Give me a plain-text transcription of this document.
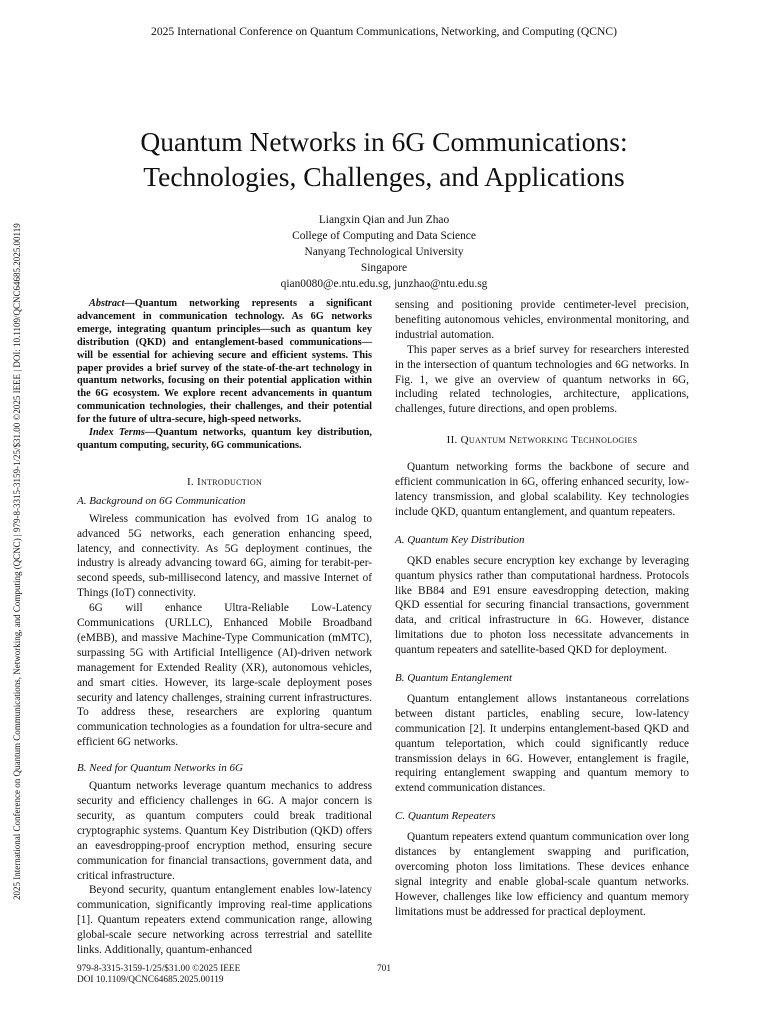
2025 International Conference on Quantum Communications, Networking, and Computing (QCNC)
2025 International Conference on Quantum Communications, Networking, and Computing (QCNC) | 979-8-3315-3159-1/25/$31.00 ©2025 IEEE | DOI: 10.1109/QCNC64685.2025.00119
Quantum Networks in 6G Communications:
Technologies, Challenges, and Applications
Liangxin Qian and Jun Zhao
College of Computing and Data Science
Nanyang Technological University
Singapore
qian0080@e.ntu.edu.sg, junzhao@ntu.edu.sg

Abstract—Quantum networking represents a significant advancement in communication technology. As 6G networks emerge, integrating quantum principles—such as quantum key distribution (QKD) and entanglement-based communications—will be essential for achieving secure and efficient systems. This paper provides a brief survey of the state-of-the-art technology in quantum networks, focusing on their potential application within the 6G ecosystem. We explore recent advancements in quantum communication technologies, their challenges, and their potential for the future of ultra-secure, high-speed networks.

Index Terms—Quantum networks, quantum key distribution, quantum computing, security, 6G communications.

I. Introduction
A. Background on 6G Communication

Wireless communication has evolved from 1G analog to advanced 5G networks, each generation enhancing speed, latency, and connectivity. As 5G deployment continues, the industry is already advancing toward 6G, aiming for terabit-per-second speeds, sub-millisecond latency, and massive Internet of Things (IoT) connectivity.

6G will enhance Ultra-Reliable Low-Latency Communications (URLLC), Enhanced Mobile Broadband (eMBB), and massive Machine-Type Communication (mMTC), surpassing 5G with Artificial Intelligence (AI)-driven network management for Extended Reality (XR), autonomous vehicles, and smart cities. However, its large-scale deployment poses security and latency challenges, straining current infrastructures. To address these, researchers are exploring quantum communication technologies as a foundation for ultra-secure and efficient 6G networks.

B. Need for Quantum Networks in 6G

Quantum networks leverage quantum mechanics to address security and efficiency challenges in 6G. A major concern is security, as quantum computers could break traditional cryptographic systems. Quantum Key Distribution (QKD) offers an eavesdropping-proof encryption method, ensuring secure communication for financial transactions, government data, and critical infrastructure.

Beyond security, quantum entanglement enables low-latency communication, significantly improving real-time applications [1]. Quantum repeaters extend communication range, allowing global-scale secure networking across terrestrial and satellite links. Additionally, quantum-enhanced

sensing and positioning provide centimeter-level precision, benefiting autonomous vehicles, environmental monitoring, and industrial automation.

This paper serves as a brief survey for researchers interested in the intersection of quantum technologies and 6G networks. In Fig. 1, we give an overview of quantum networks in 6G, including related technologies, architecture, applications, challenges, future directions, and open problems.

II. Quantum Networking Technologies

Quantum networking forms the backbone of secure and efficient communication in 6G, offering enhanced security, low-latency transmission, and global scalability. Key technologies include QKD, quantum entanglement, and quantum repeaters.

A. Quantum Key Distribution

QKD enables secure encryption key exchange by leveraging quantum physics rather than computational hardness. Protocols like BB84 and E91 ensure eavesdropping detection, making QKD essential for securing financial transactions, government data, and critical infrastructure in 6G. However, distance limitations due to photon loss necessitate advancements in quantum repeaters and satellite-based QKD for deployment.

B. Quantum Entanglement

Quantum entanglement allows instantaneous correlations between distant particles, enabling secure, low-latency communication [2]. It underpins entanglement-based QKD and quantum teleportation, which could significantly reduce transmission delays in 6G. However, entanglement is fragile, requiring entanglement swapping and quantum memory to extend communication distances.

C. Quantum Repeaters

Quantum repeaters extend quantum communication over long distances by entanglement swapping and purification, overcoming photon loss limitations. These devices enhance signal integrity and enable global-scale quantum networks. However, challenges like low efficiency and quantum memory limitations must be addressed for practical deployment.

979-8-3315-3159-1/25/$31.00 ©2025 IEEE
DOI 10.1109/QCNC64685.2025.00119
701
